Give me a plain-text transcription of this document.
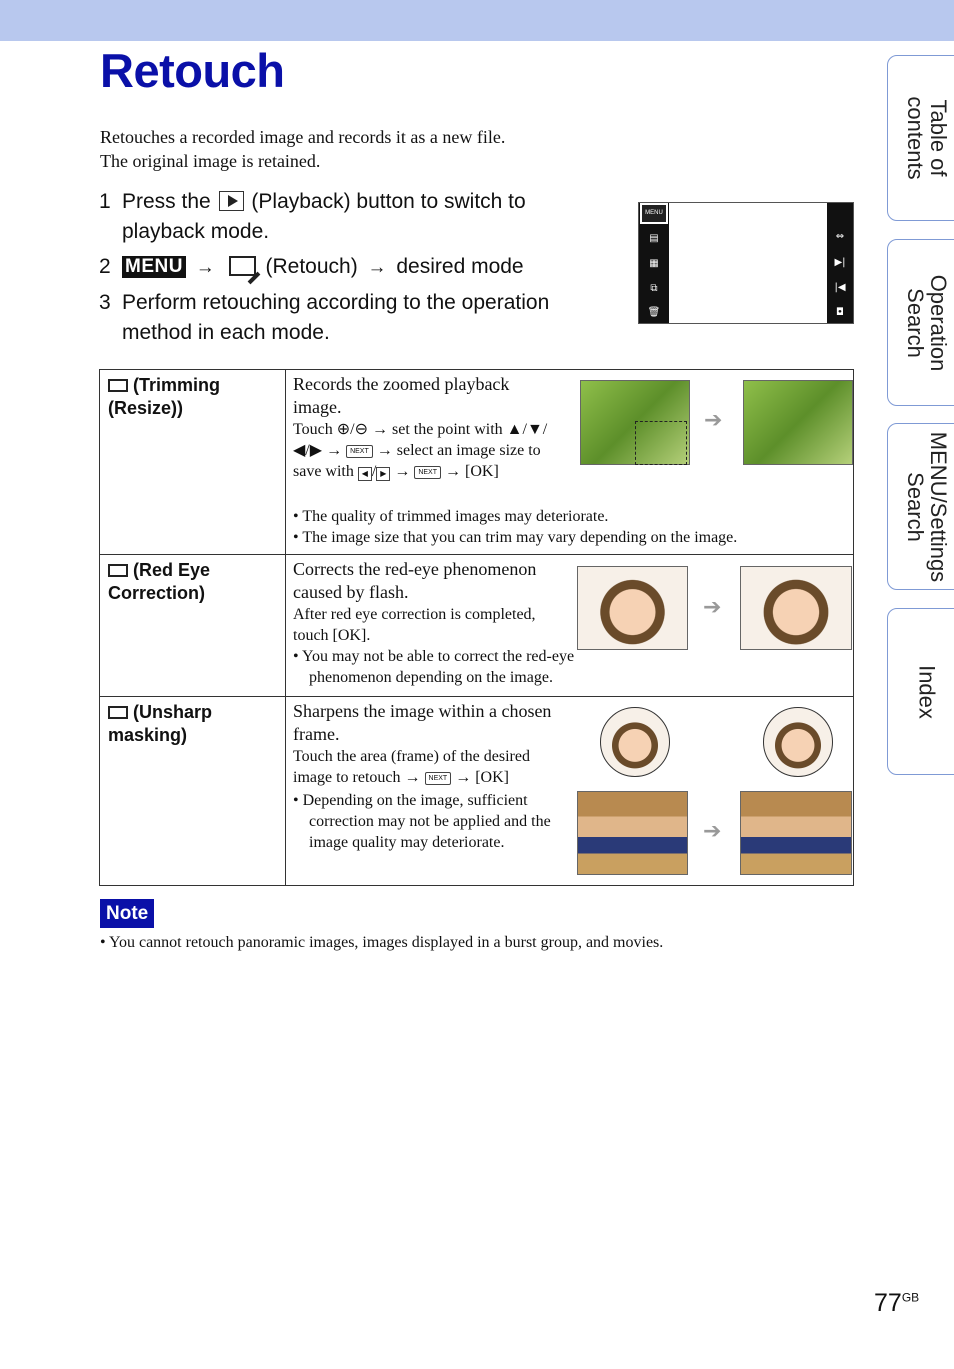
Retouch
Retouches a recorded image and records it as a new file.
The original image is retained.
1 Press the (Playback) button to switch to playback mode.
2 MENU → (Retouch) → desired mode
3 Perform retouching according to the operation method in each mode.
MENU
▤
▦
⧉
🗑
⇔
▶|
|◀
◘
(Trimming (Resize))	Records the zoomed playback image.
Touch ⊕/⊖ → set the point with ▲/▼/◀/▶ → NEXT → select an image size to save with ◀ / ▶ → NEXT → [OK]
• The quality of trimmed images may deteriorate.
• The image size that you can trim may vary depending on the image.
➔

(Red Eye Correction)	Corrects the red-eye phenomenon caused by flash.
After red eye correction is completed, touch [OK].
• You may not be able to correct the red-eye phenomenon depending on the image.
➔

(Unsharp masking)	Sharpens the image within a chosen frame.
Touch the area (frame) of the desired image to retouch → NEXT → [OK]
• Depending on the image, sufficient correction may not be applied and the image quality may deteriorate. ➔
Note
• You cannot retouch panoramic images, images displayed in a burst group, and movies.
Table of contents
Operation Search
MENU/Settings Search
Index
$77^{GB}$
